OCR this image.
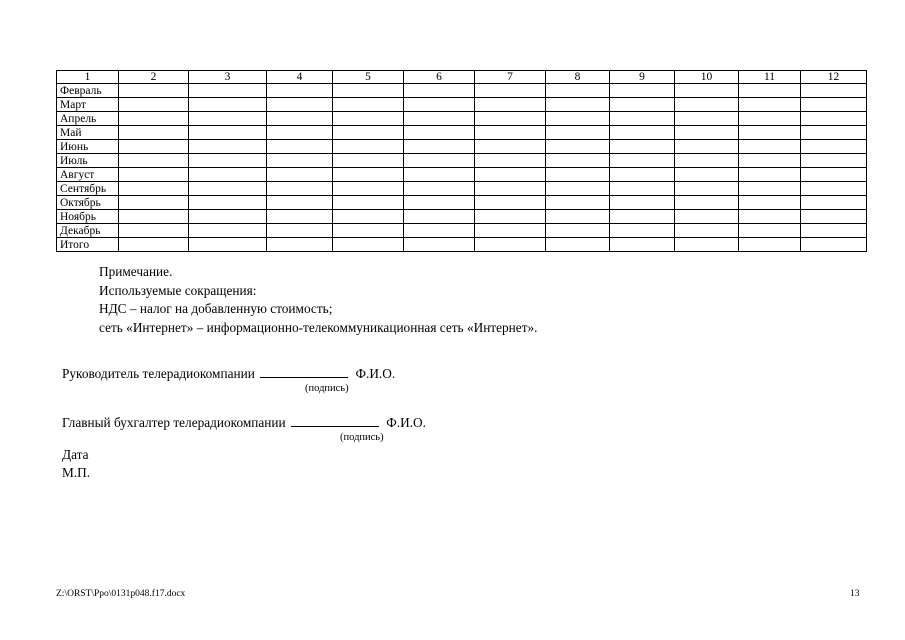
1	2	3	4	5	6	7	8	9	10	11	12
Февраль											
Март											
Апрель											
Май											
Июнь											
Июль											
Август											
Сентябрь											
Октябрь											
Ноябрь											
Декабрь											
Итого											
Примечание.
Используемые сокращения:
НДС – налог на добавленную стоимость;
сеть «Интернет» – информационно-телекоммуникационная сеть «Интернет».
Руководитель телерадиокомпании	Ф.И.О.
(подпись)
Главный бухгалтер телерадиокомпании	Ф.И.О.
(подпись)
Дата
М.П.
Z:\ORST\Ppo\0131p048.f17.docx	13
